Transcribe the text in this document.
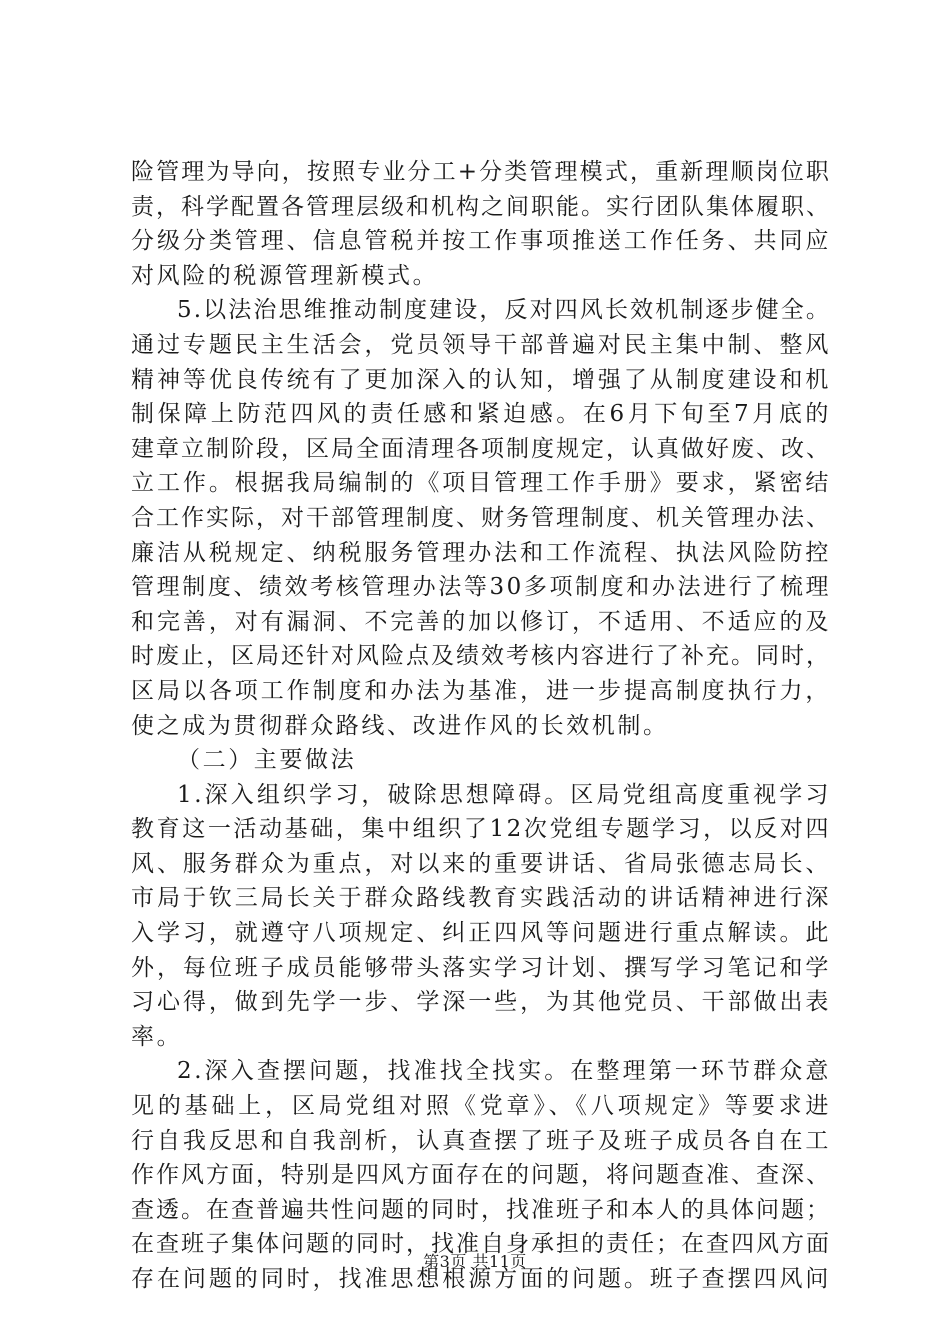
险管理为导向，按照专业分工+分类管理模式，重新理顺岗位职
责，科学配置各管理层级和机构之间职能。实行团队集体履职、
分级分类管理、信息管税并按工作事项推送工作任务、共同应
对风险的税源管理新模式。
5.以法治思维推动制度建设，反对四风长效机制逐步健全。
通过专题民主生活会，党员领导干部普遍对民主集中制、整风
精神等优良传统有了更加深入的认知，增强了从制度建设和机
制保障上防范四风的责任感和紧迫感。在6月下旬至7月底的
建章立制阶段，区局全面清理各项制度规定，认真做好废、改、
立工作。根据我局编制的《项目管理工作手册》要求，紧密结
合工作实际，对干部管理制度、财务管理制度、机关管理办法、
廉洁从税规定、纳税服务管理办法和工作流程、执法风险防控
管理制度、绩效考核管理办法等30多项制度和办法进行了梳理
和完善，对有漏洞、不完善的加以修订，不适用、不适应的及
时废止，区局还针对风险点及绩效考核内容进行了补充。同时，
区局以各项工作制度和办法为基准，进一步提高制度执行力，
使之成为贯彻群众路线、改进作风的长效机制。
（二）主要做法
1.深入组织学习，破除思想障碍。区局党组高度重视学习
教育这一活动基础，集中组织了12次党组专题学习，以反对四
风、服务群众为重点，对以来的重要讲话、省局张德志局长、
市局于钦三局长关于群众路线教育实践活动的讲话精神进行深
入学习，就遵守八项规定、纠正四风等问题进行重点解读。此
外，每位班子成员能够带头落实学习计划、撰写学习笔记和学
习心得，做到先学一步、学深一些，为其他党员、干部做出表
率。
2.深入查摆问题，找准找全找实。在整理第一环节群众意
见的基础上，区局党组对照《党章》、《八项规定》等要求进
行自我反思和自我剖析，认真查摆了班子及班子成员各自在工
作作风方面，特别是四风方面存在的问题，将问题查准、查深、
查透。在查普遍共性问题的同时，找准班子和本人的具体问题；
在查班子集体问题的同时，找准自身承担的责任；在查四风方面
存在问题的同时，找准思想根源方面的问题。班子查摆四风问
第3页 共11页
